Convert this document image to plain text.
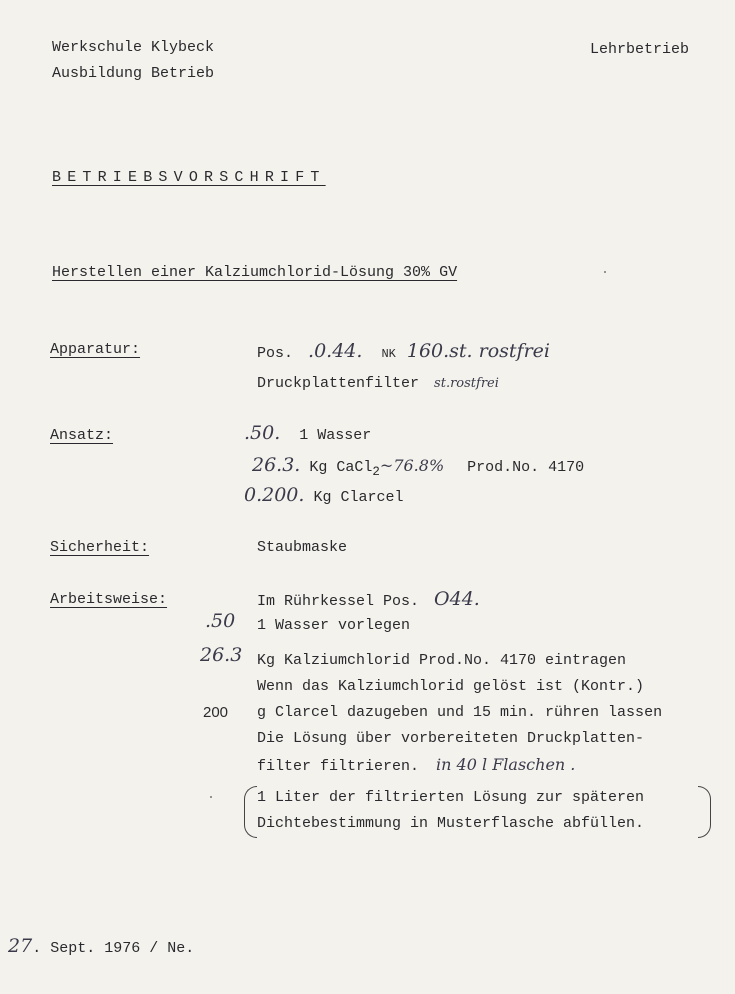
Werkschule Klybeck
Ausbildung Betrieb
Lehrbetrieb
BETRIEBSVORSCHRIFT
Herstellen einer Kalziumchlorid-Lösung 30% GV
Apparatur:	Pos. .0.44. NK 160.st. rostfrei
Druckplattenfilter st.rostfrei
Ansatz:	.50. 1 Wasser
26.3. Kg CaCl$_2$~76.8% Prod.No. 4170
0.200. Kg Clarcel
Sicherheit:	Staubmaske
Arbeitsweise:	Im Rührkessel Pos. O44.
.50 1 Wasser vorlegen
26.3 Kg Kalziumchlorid Prod.No. 4170 eintragen
Wenn das Kalziumchlorid gelöst ist (Kontr.)
200 g Clarcel dazugeben und 15 min. rühren lassen
Die Lösung über vorbereiteten Druckplatten-
filter filtrieren. in 40 l Flaschen .
1 Liter der filtrierten Lösung zur späteren
Dichtebestimmung in Musterflasche abfüllen.
27. Sept. 1976 / Ne.
